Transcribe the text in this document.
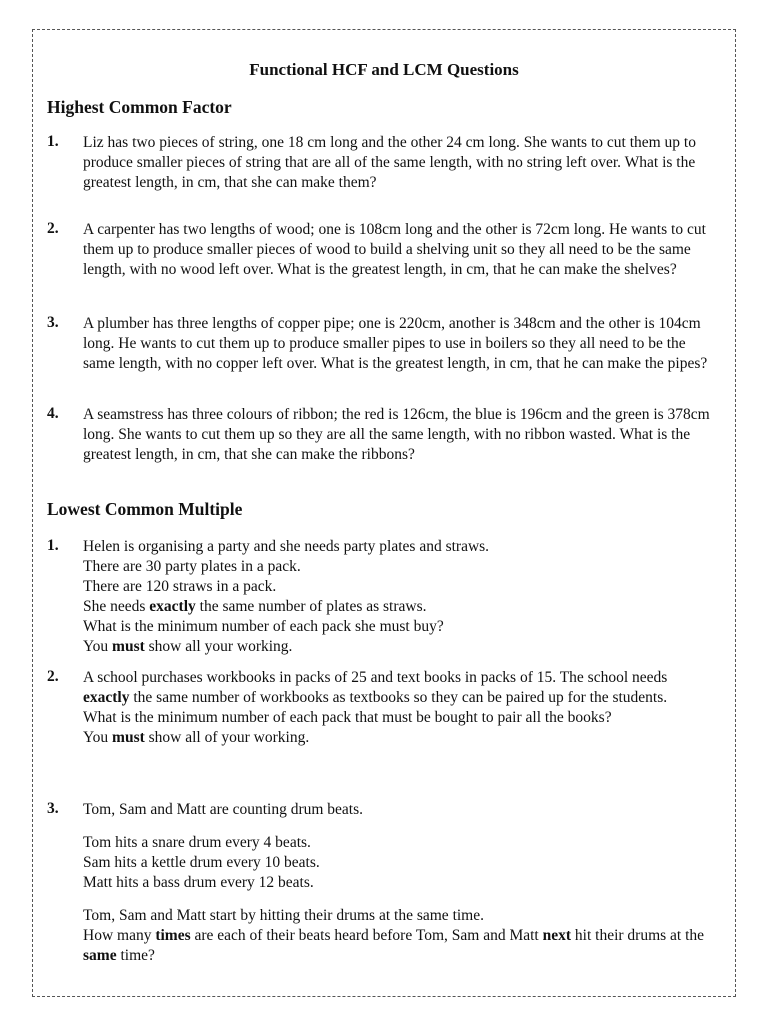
Functional HCF and LCM Questions
Highest Common Factor
1. Liz has two pieces of string, one 18 cm long and the other 24 cm long. She wants to cut them up to produce smaller pieces of string that are all of the same length, with no string left over. What is the greatest length, in cm, that she can make them?
2. A carpenter has two lengths of wood; one is 108cm long and the other is 72cm long. He wants to cut them up to produce smaller pieces of wood to build a shelving unit so they all need to be the same length, with no wood left over. What is the greatest length, in cm, that he can make the shelves?
3. A plumber has three lengths of copper pipe; one is 220cm, another is 348cm and the other is 104cm long. He wants to cut them up to produce smaller pipes to use in boilers so they all need to be the same length, with no copper left over. What is the greatest length, in cm, that he can make the pipes?
4. A seamstress has three colours of ribbon; the red is 126cm, the blue is 196cm and the green is 378cm long. She wants to cut them up so they are all the same length, with no ribbon wasted. What is the greatest length, in cm, that she can make the ribbons?
Lowest Common Multiple
1. Helen is organising a party and she needs party plates and straws.

There are 30 party plates in a pack.

There are 120 straws in a pack.

She needs exactly the same number of plates as straws.

What is the minimum number of each pack she must buy?

You must show all your working.

2. A school purchases workbooks in packs of 25 and text books in packs of 15. The school needs exactly the same number of workbooks as textbooks so they can be paired up for the students.

What is the minimum number of each pack that must be bought to pair all the books?

You must show all of your working.

3. Tom, Sam and Matt are counting drum beats.

Tom hits a snare drum every 4 beats.

Sam hits a kettle drum every 10 beats.

Matt hits a bass drum every 12 beats.

Tom, Sam and Matt start by hitting their drums at the same time.

How many times are each of their beats heard before Tom, Sam and Matt next hit their drums at the same time?
